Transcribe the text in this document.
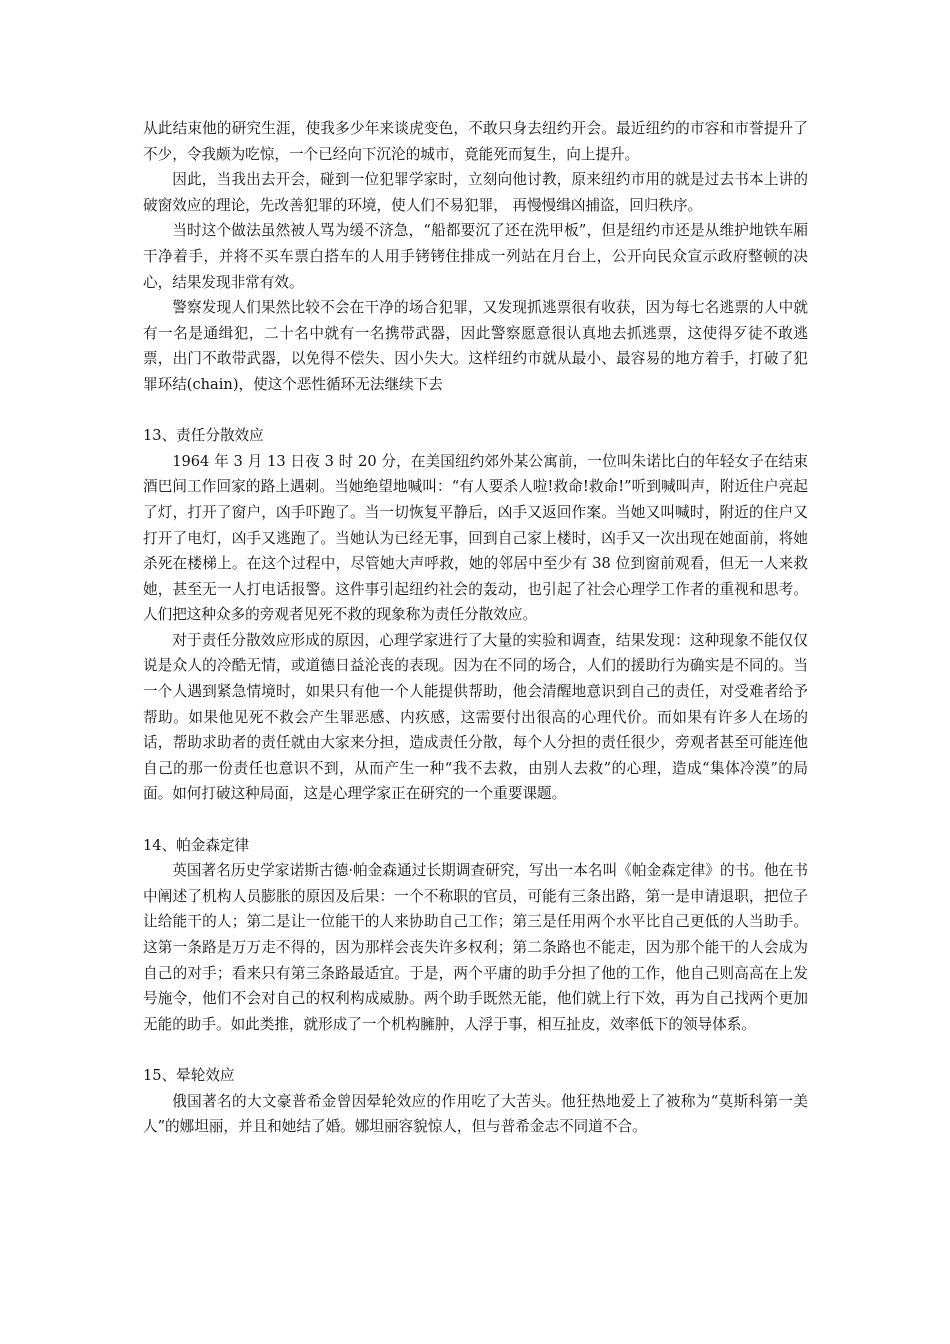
从此结束他的研究生涯，使我多少年来谈虎变色，不敢只身去纽约开会。最近纽约的市容和市誉提升了不少，令我颇为吃惊，一个已经向下沉沦的城市，竟能死而复生，向上提升。

因此，当我出去开会，碰到一位犯罪学家时，立刻向他讨教，原来纽约市用的就是过去书本上讲的破窗效应的理论，先改善犯罪的环境，使人们不易犯罪， 再慢慢缉凶捕盗，回归秩序。

当时这个做法虽然被人骂为缓不济急，“船都要沉了还在洗甲板”，但是纽约市还是从维护地铁车厢干净着手，并将不买车票白搭车的人用手铐铐住排成一列站在月台上，公开向民众宣示政府整顿的决心，结果发现非常有效。

警察发现人们果然比较不会在干净的场合犯罪，又发现抓逃票很有收获，因为每七名逃票的人中就有一名是通缉犯，二十名中就有一名携带武器，因此警察愿意很认真地去抓逃票，这使得歹徒不敢逃票，出门不敢带武器，以免得不偿失、因小失大。这样纽约市就从最小、最容易的地方着手，打破了犯罪环结(chain)，使这个恶性循环无法继续下去

13、责任分散效应

1964 年 3 月 13 日夜 3 时 20 分，在美国纽约郊外某公寓前，一位叫朱诺比白的年轻女子在结束酒巴间工作回家的路上遇刺。当她绝望地喊叫：“有人要杀人啦!救命!救命!”听到喊叫声，附近住户亮起了灯，打开了窗户，凶手吓跑了。当一切恢复平静后，凶手又返回作案。当她又叫喊时，附近的住户又打开了电灯，凶手又逃跑了。当她认为已经无事，回到自己家上楼时，凶手又一次出现在她面前，将她杀死在楼梯上。在这个过程中，尽管她大声呼救，她的邻居中至少有 38 位到窗前观看，但无一人来救她，甚至无一人打电话报警。这件事引起纽约社会的轰动，也引起了社会心理学工作者的重视和思考。人们把这种众多的旁观者见死不救的现象称为责任分散效应。

对于责任分散效应形成的原因，心理学家进行了大量的实验和调查，结果发现：这种现象不能仅仅说是众人的冷酷无情，或道德日益沦丧的表现。因为在不同的场合，人们的援助行为确实是不同的。当一个人遇到紧急情境时，如果只有他一个人能提供帮助，他会清醒地意识到自己的责任，对受难者给予帮助。如果他见死不救会产生罪恶感、内疚感，这需要付出很高的心理代价。而如果有许多人在场的话，帮助求助者的责任就由大家来分担，造成责任分散，每个人分担的责任很少，旁观者甚至可能连他自己的那一份责任也意识不到，从而产生一种“我不去救，由别人去救”的心理，造成“集体冷漠”的局面。如何打破这种局面，这是心理学家正在研究的一个重要课题。

14、帕金森定律

英国著名历史学家诺斯古德·帕金森通过长期调查研究，写出一本名叫《帕金森定律》的书。他在书中阐述了机构人员膨胀的原因及后果：一个不称职的官员，可能有三条出路，第一是申请退职，把位子让给能干的人；第二是让一位能干的人来协助自己工作；第三是任用两个水平比自己更低的人当助手。这第一条路是万万走不得的，因为那样会丧失许多权利；第二条路也不能走，因为那个能干的人会成为自己的对手；看来只有第三条路最适宜。于是，两个平庸的助手分担了他的工作，他自己则高高在上发号施令，他们不会对自己的权利构成威胁。两个助手既然无能，他们就上行下效，再为自己找两个更加无能的助手。如此类推，就形成了一个机构臃肿，人浮于事，相互扯皮，效率低下的领导体系。

15、晕轮效应

俄国著名的大文豪普希金曾因晕轮效应的作用吃了大苦头。他狂热地爱上了被称为“莫斯科第一美人”的娜坦丽，并且和她结了婚。娜坦丽容貌惊人，但与普希金志不同道不合。
